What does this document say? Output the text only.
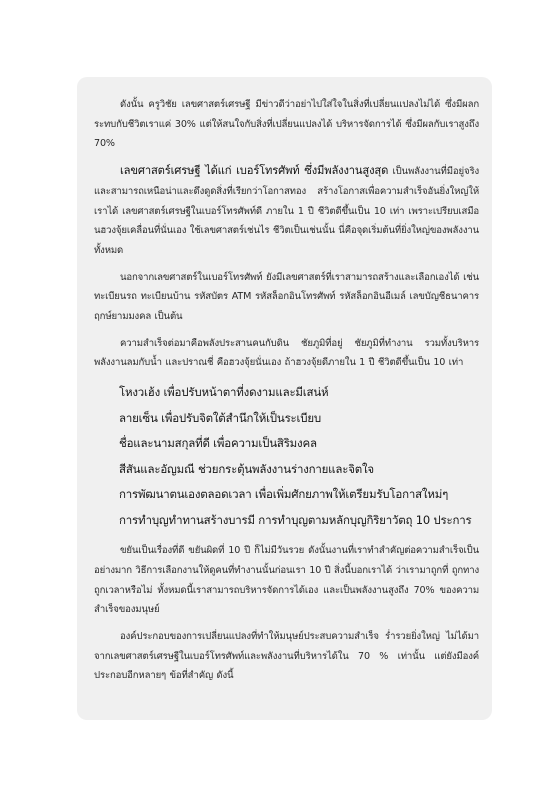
ดังนั้น ครูวิชัย เลขศาสตร์เศรษฐี มีข่าวดีว่าอย่าไปใส่ใจในสิ่งที่เปลี่ยนแปลงไม่ได้ ซึ่งมีผลกระทบกับชีวิตเราแค่ 30% แต่ให้สนใจกับสิ่งที่เปลี่ยนแปลงได้ บริหารจัดการได้ ซึ่งมีผลกับเราสูงถึง 70%

เลขศาสตร์เศรษฐี ได้แก่ เบอร์โทรศัพท์ ซึ่งมีพลังงานสูงสุด เป็นพลังงานที่มีอยู่จริงและสามารถเหนือน่าและดึงดูดสิ่งที่เรียกว่าโอกาสทอง สร้างโอกาสเพื่อความสำเร็จอันยิ่งใหญ่ให้เราได้ เลขศาสตร์เศรษฐีในเบอร์โทรศัพท์ดี ภายใน 1 ปี ชีวิตดีขึ้นเป็น 10 เท่า เพราะเปรียบเสมือนฮวงจุ้ยเคลื่อนที่นั่นเอง ใช้เลขศาสตร์เช่นไร ชีวิตเป็นเช่นนั้น นี่คือจุดเริ่มต้นที่ยิ่งใหญ่ของพลังงานทั้งหมด

นอกจากเลขศาสตร์ในเบอร์โทรศัพท์ ยังมีเลขศาสตร์ที่เราสามารถสร้างและเลือกเองได้ เช่น ทะเบียนรถ ทะเบียนบ้าน รหัสบัตร ATM รหัสล็อกอินโทรศัพท์ รหัสล็อกอินอีเมล์ เลขบัญชีธนาคาร ฤกษ์ยามมงคล เป็นต้น

ความสำเร็จต่อมาคือพลังประสานคนกับดิน ชัยภูมิที่อยู่ ชัยภูมิที่ทำงาน รวมทั้งบริหารพลังงานลมกับน้ำ และปราณชี่ คือฮวงจุ้ยนั่นเอง ถ้าฮวงจุ้ยดีภายใน 1 ปี ชีวิตดีขึ้นเป็น 10 เท่า

โหงวเฮ้ง เพื่อปรับหน้าตาที่งดงามและมีเสน่ห์
ลายเซ็น เพื่อปรับจิตใต้สำนึกให้เป็นระเบียบ
ชื่อและนามสกุลที่ดี เพื่อความเป็นสิริมงคล
สีสันและอัญมณี ช่วยกระตุ้นพลังงานร่างกายและจิตใจ
การพัฒนาตนเองตลอดเวลา เพื่อเพิ่มศักยภาพให้เตรียมรับโอกาสใหม่ๆ
การทำบุญทำทานสร้างบารมี การทำบุญตามหลักบุญกิริยาวัตถุ 10 ประการ

ขยันเป็นเรื่องที่ดี ขยันผิดที่ 10 ปี ก็ไม่มีวันรวย ดังนั้นงานที่เราทำสำคัญต่อความสำเร็จเป็นอย่างมาก วิธีการเลือกงานให้ดูคนที่ทำงานนั้นก่อนเรา 10 ปี สิ่งนี้บอกเราได้ ว่าเรามาถูกที่ ถูกทาง ถูกเวลาหรือไม่ ทั้งหมดนี้เราสามารถบริหารจัดการได้เอง และเป็นพลังงานสูงถึง 70% ของความสำเร็จของมนุษย์

องค์ประกอบของการเปลี่ยนแปลงที่ทำให้มนุษย์ประสบความสำเร็จ ร่ำรวยยิ่งใหญ่ ไม่ได้มาจากเลขศาสตร์เศรษฐีในเบอร์โทรศัพท์และพลังงานที่บริหารได้ใน 70 % เท่านั้น แต่ยังมีองค์ประกอบอีกหลายๆ ข้อที่สำคัญ ดังนี้
